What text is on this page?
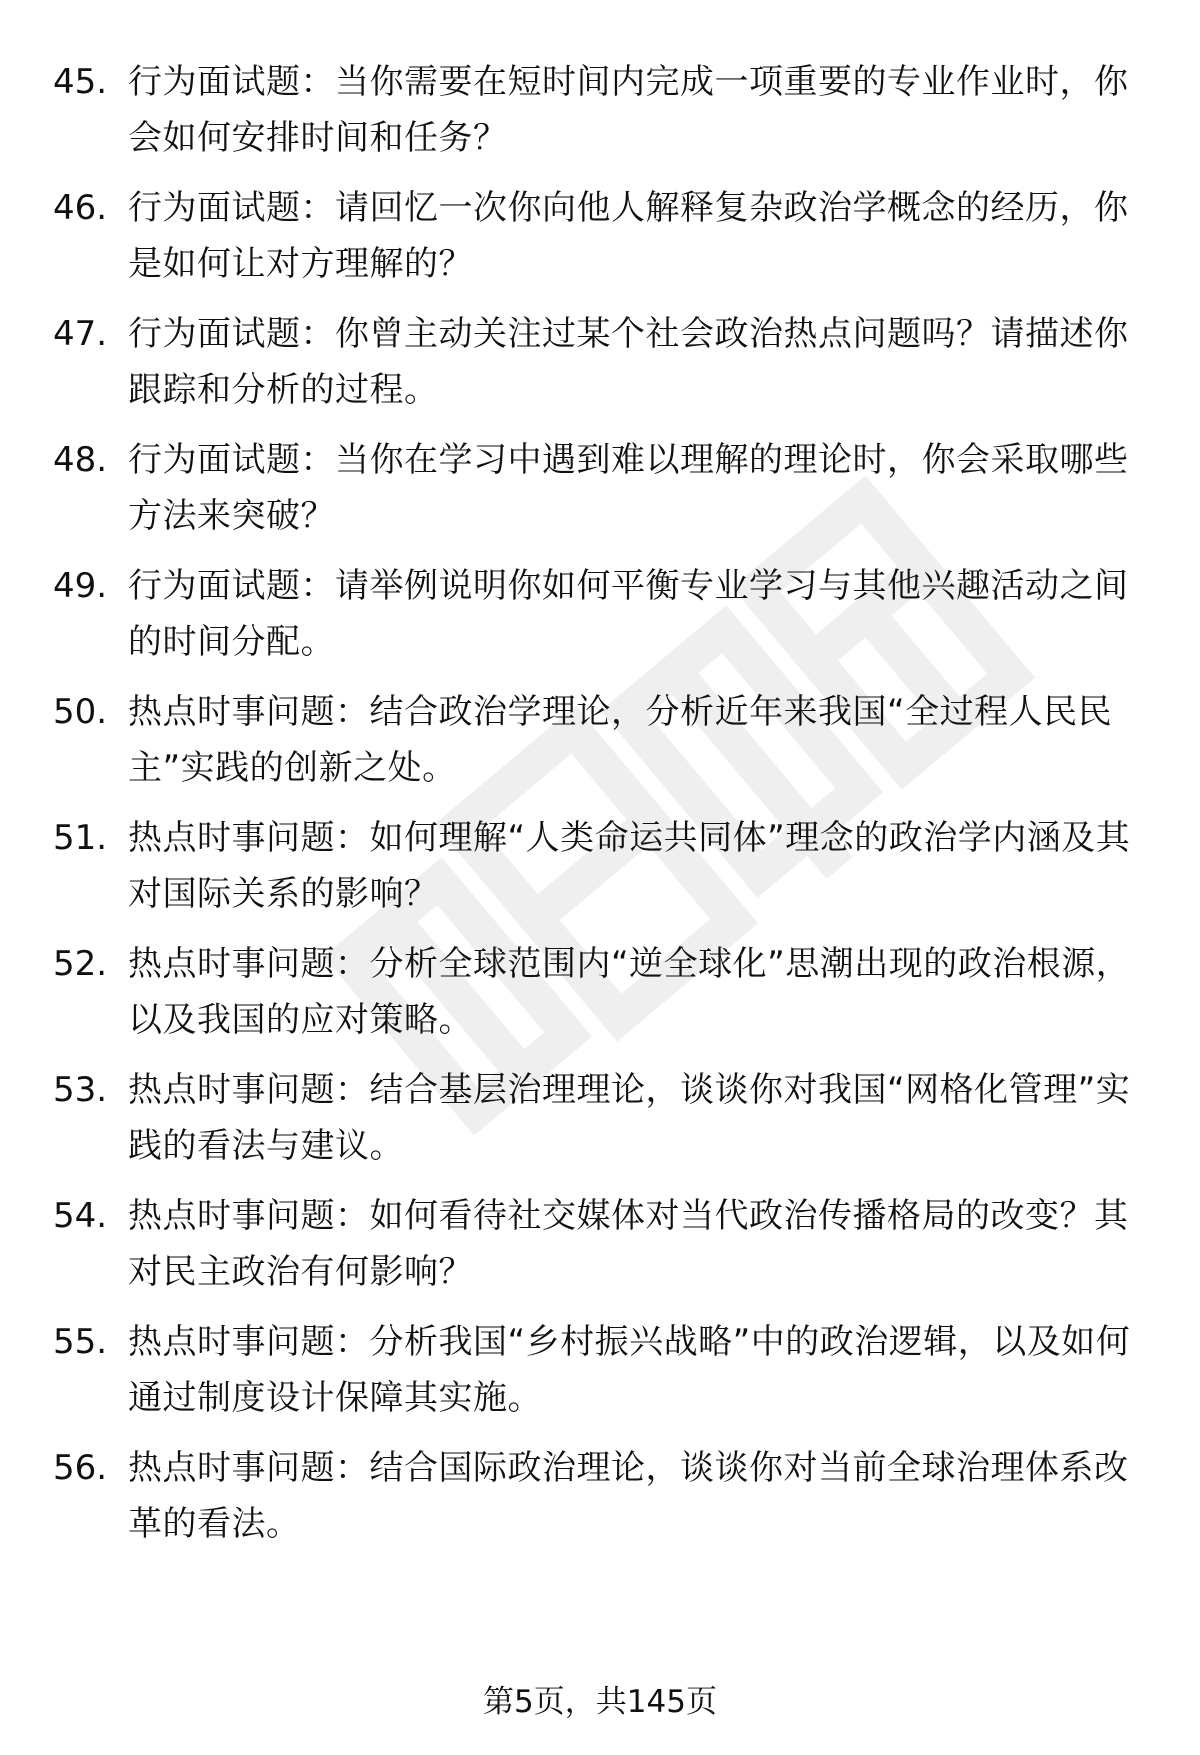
45. 行为面试题：当你需要在短时间内完成一项重要的专业作业时，你会如何安排时间和任务？
46. 行为面试题：请回忆一次你向他人解释复杂政治学概念的经历，你是如何让对方理解的？
47. 行为面试题：你曾主动关注过某个社会政治热点问题吗？请描述你跟踪和分析的过程。
48. 行为面试题：当你在学习中遇到难以理解的理论时，你会采取哪些方法来突破？
49. 行为面试题：请举例说明你如何平衡专业学习与其他兴趣活动之间的时间分配。
50. 热点时事问题：结合政治学理论，分析近年来我国“全过程人民民主”实践的创新之处。
51. 热点时事问题：如何理解“人类命运共同体”理念的政治学内涵及其对国际关系的影响？
52. 热点时事问题：分析全球范围内“逆全球化”思潮出现的政治根源，以及我国的应对策略。
53. 热点时事问题：结合基层治理理论，谈谈你对我国“网格化管理”实践的看法与建议。
54. 热点时事问题：如何看待社交媒体对当代政治传播格局的改变？其对民主政治有何影响？
55. 热点时事问题：分析我国“乡村振兴战略”中的政治逻辑，以及如何通过制度设计保障其实施。
56. 热点时事问题：结合国际政治理论，谈谈你对当前全球治理体系改革的看法。
第5页，共145页
